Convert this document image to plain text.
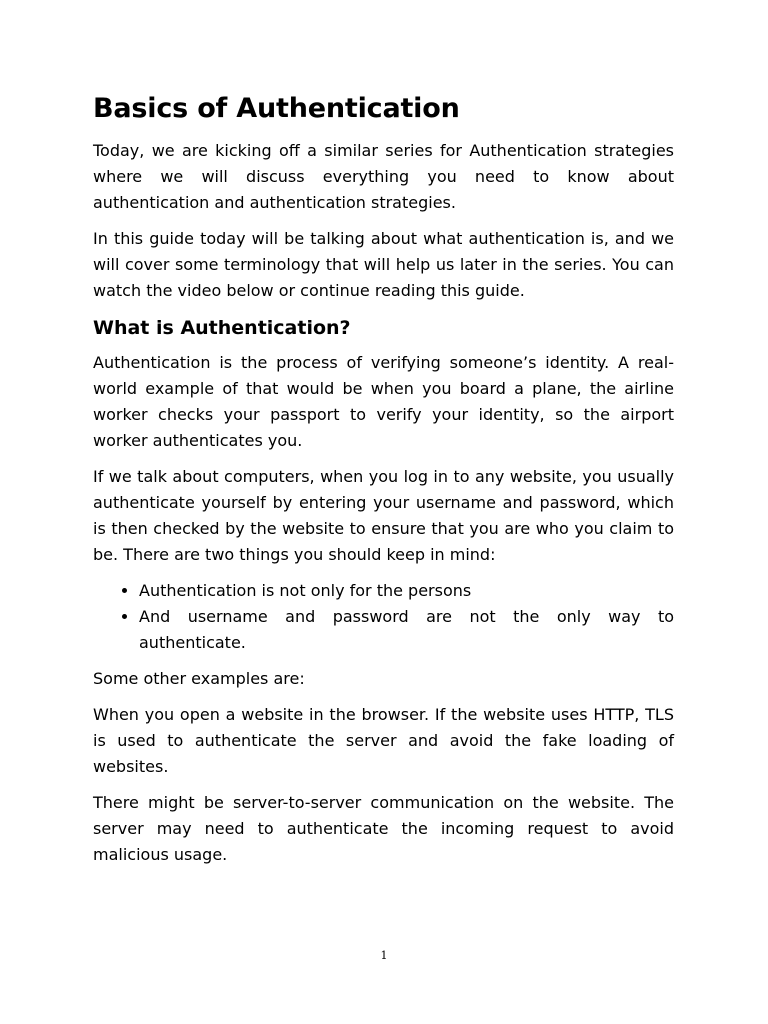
Basics of Authentication

Today, we are kicking off a similar series for Authentication strategies where we will discuss everything you need to know about authentication and authentication strategies.

In this guide today will be talking about what authentication is, and we will cover some terminology that will help us later in the series. You can watch the video below or continue reading this guide.

What is Authentication?

Authentication is the process of verifying someone’s identity. A real-world example of that would be when you board a plane, the airline worker checks your passport to verify your identity, so the airport worker authenticates you.

If we talk about computers, when you log in to any website, you usually authenticate yourself by entering your username and password, which is then checked by the website to ensure that you are who you claim to be. There are two things you should keep in mind:

• Authentication is not only for the persons
• And username and password are not the only way to authenticate.

Some other examples are:

When you open a website in the browser. If the website uses HTTP, TLS is used to authenticate the server and avoid the fake loading of websites.

There might be server-to-server communication on the website. The server may need to authenticate the incoming request to avoid malicious usage.

1
